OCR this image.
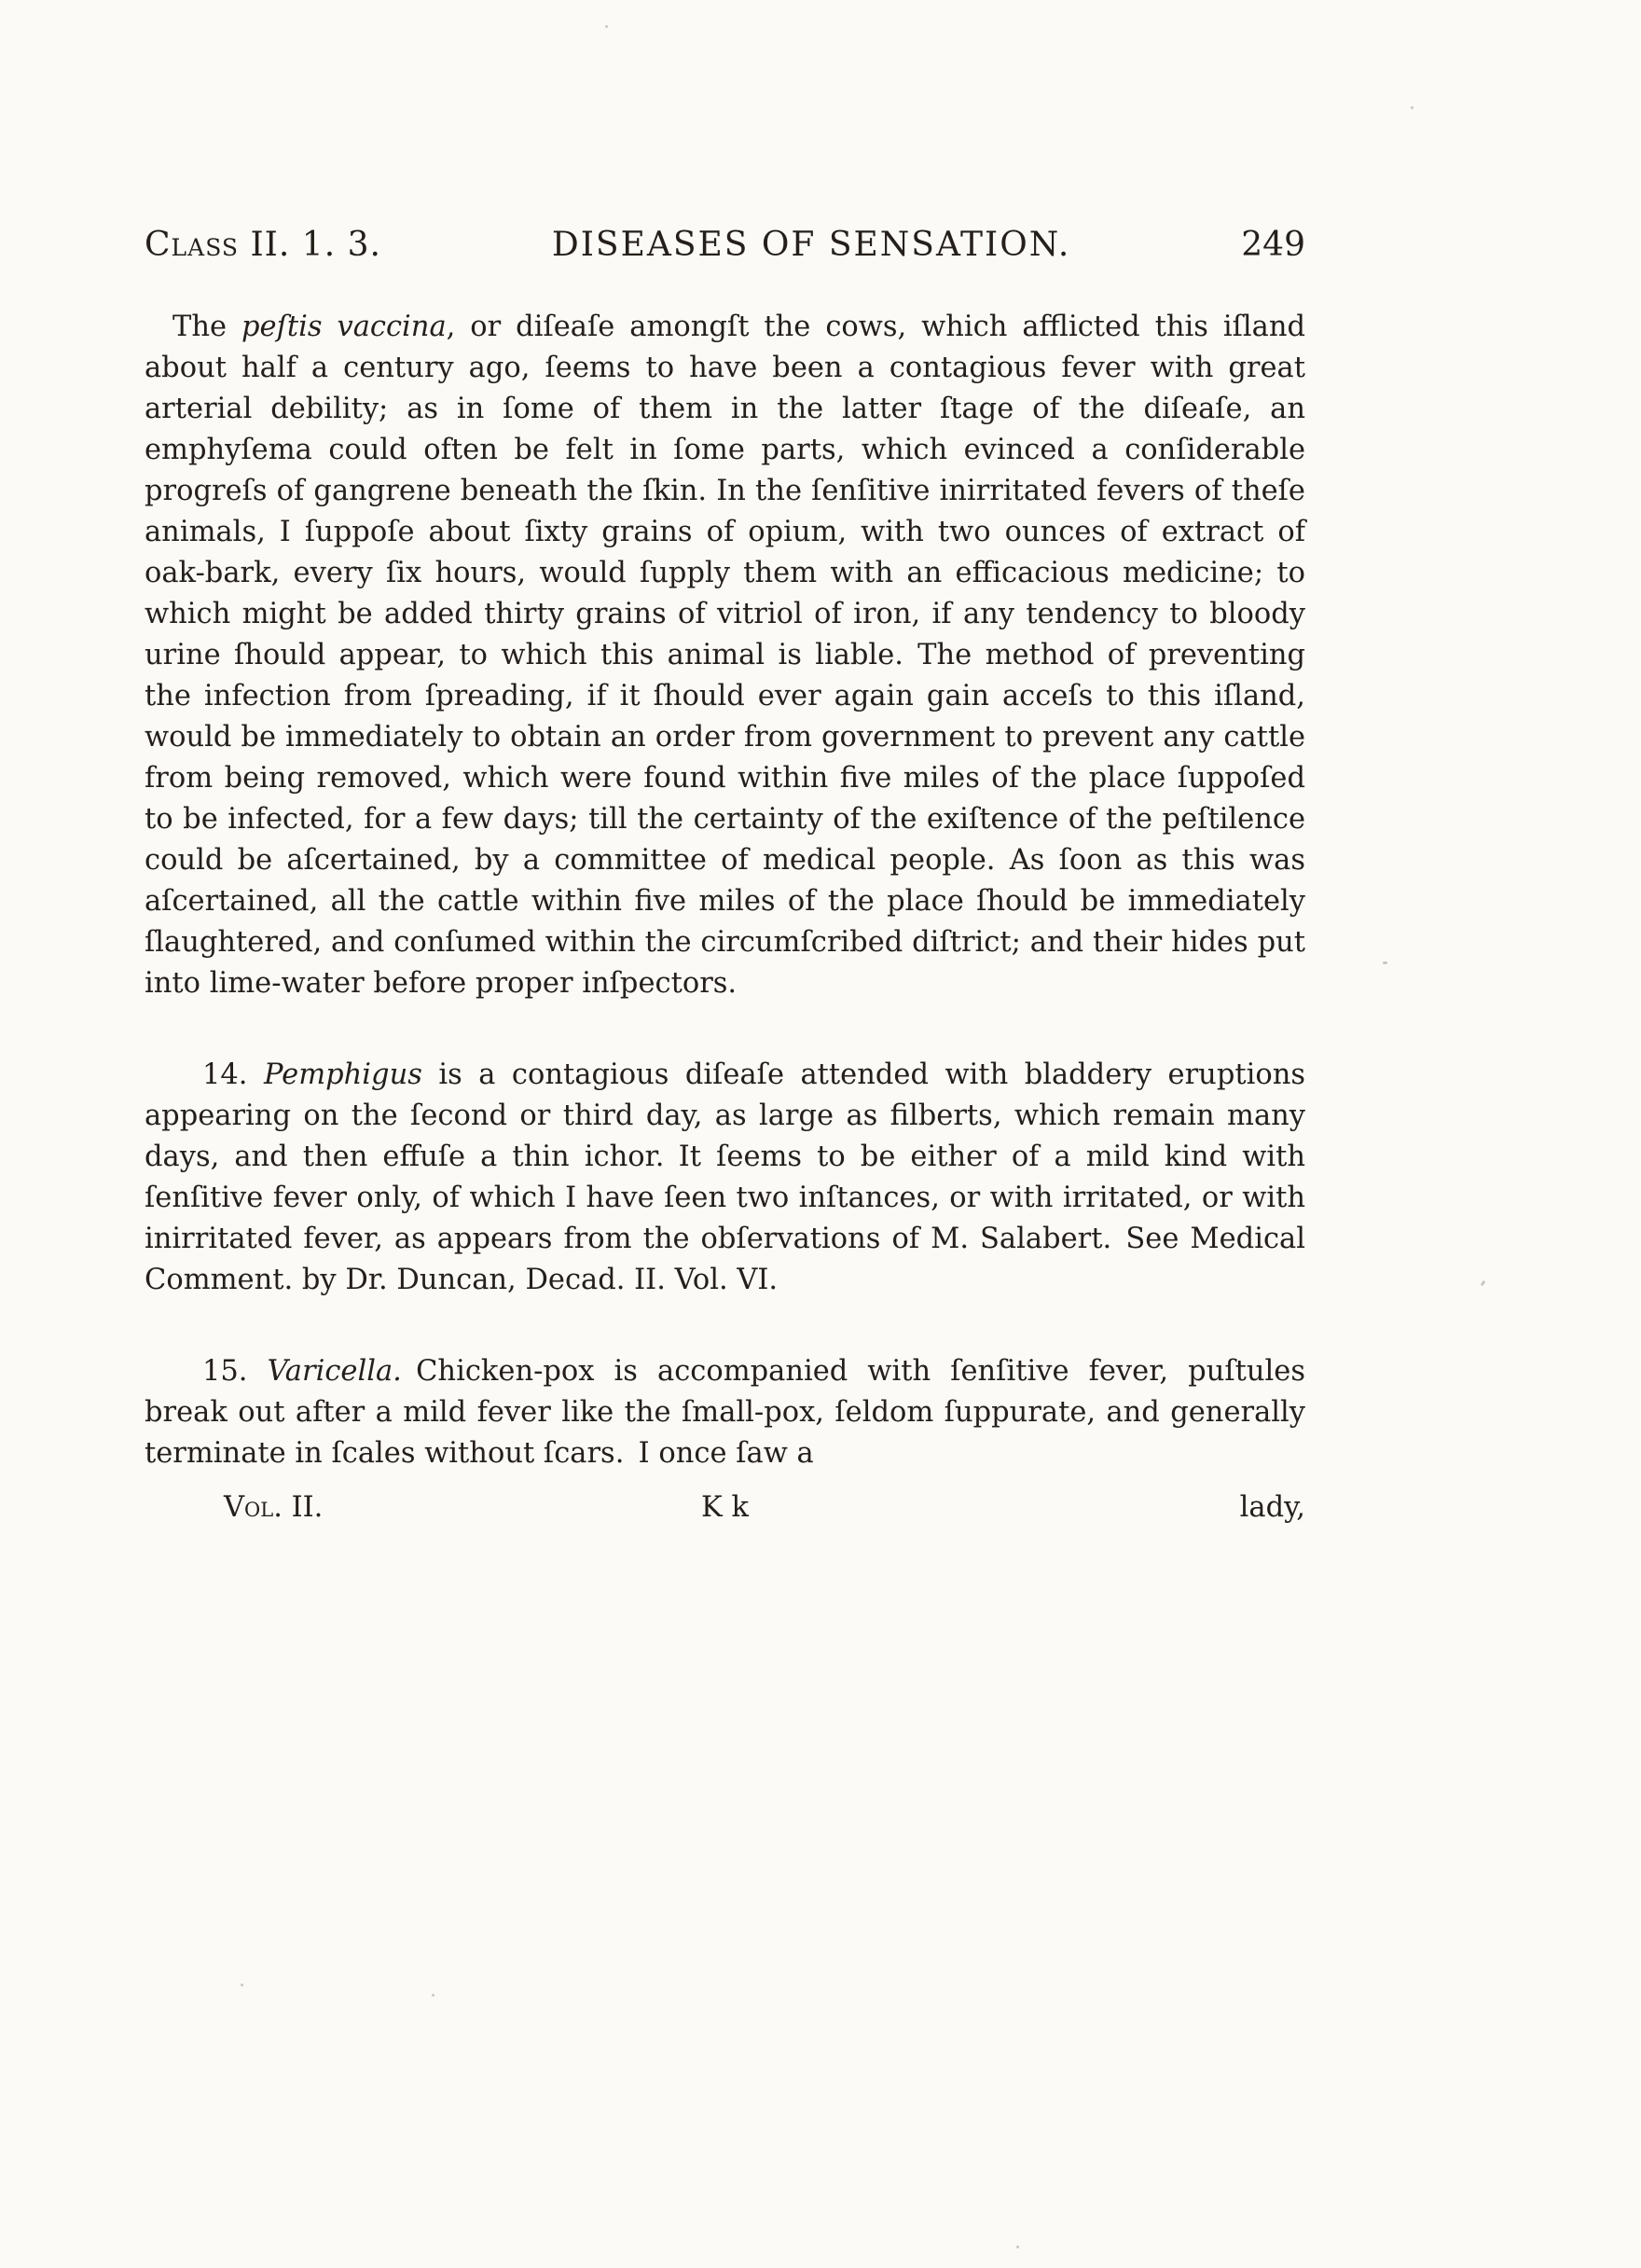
Class II. 1. 3.	DISEASES OF SENSATION.	249

The peſtis vaccina, or diſeaſe amongſt the cows, which afflicted this iſland about half a century ago, ſeems to have been a contagious fever with great arterial debility; as in ſome of them in the latter ſtage of the diſeaſe, an emphyſema could often be felt in ſome parts, which evinced a conſiderable progreſs of gangrene beneath the ſkin. In the ſenſitive inirritated fevers of theſe animals, I ſuppoſe about ſixty grains of opium, with two ounces of extract of oak-bark, every ſix hours, would ſupply them with an efficacious medicine; to which might be added thirty grains of vitriol of iron, if any tendency to bloody urine ſhould appear, to which this animal is liable. The method of preventing the infection from ſpreading, if it ſhould ever again gain acceſs to this iſland, would be immediately to obtain an order from government to prevent any cattle from being removed, which were found within five miles of the place ſuppoſed to be infected, for a few days; till the certainty of the exiſtence of the peſtilence could be aſcertained, by a committee of medical people. As ſoon as this was aſcertained, all the cattle within five miles of the place ſhould be immediately ſlaughtered, and conſumed within the circumſcribed diſtrict; and their hides put into lime-water before proper inſpectors.

14. Pemphigus is a contagious diſeaſe attended with bladdery eruptions appearing on the ſecond or third day, as large as filberts, which remain many days, and then effuſe a thin ichor. It ſeems to be either of a mild kind with ſenſitive fever only, of which I have ſeen two inſtances, or with irritated, or with inirritated fever, as appears from the obſervations of M. Salabert. See Medical Comment. by Dr. Duncan, Decad. II. Vol. VI.

15. Varicella. Chicken-pox is accompanied with ſenſitive fever, puſtules break out after a mild fever like the ſmall-pox, ſeldom ſuppurate, and generally terminate in ſcales without ſcars. I once ſaw a

Vol. II.	K k	lady,
